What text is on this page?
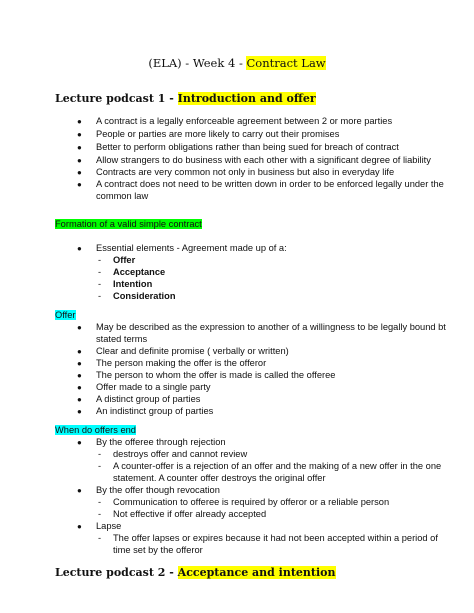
(ELA) - Week 4 - Contract Law
Lecture podcast 1 - Introduction and offer
● A contract is a legally enforceable agreement between 2 or more parties
● People or parties are more likely to carry out their promises
● Better to perform obligations rather than being sued for breach of contract
● Allow strangers to do business with each other with a significant degree of liability
● Contracts are very common not only in business but also in everyday life
● A contract does not need to be written down in order to be enforced legally under the
common law
Formation of a valid simple contract
● Essential elements - Agreement made up of a:
- Offer
- Acceptance
- Intention
- Consideration
Offer
● May be described as the expression to another of a willingness to be legally bound bt
stated terms
● Clear and definite promise ( verbally or written)
● The person making the offer is the offeror
● The person to whom the offer is made is called the offeree
● Offer made to a single party
● A distinct group of parties
● An indistinct group of parties
When do offers end
● By the offeree through rejection
- destroys offer and cannot review
- A counter-offer is a rejection of an offer and the making of a new offer in the one
statement. A counter offer destroys the original offer
● By the offer though revocation
- Communication to offeree is required by offeror or a reliable person
- Not effective if offer already accepted
● Lapse
- The offer lapses or expires because it had not been accepted within a period of
time set by the offeror
Lecture podcast 2 - Acceptance and intention
